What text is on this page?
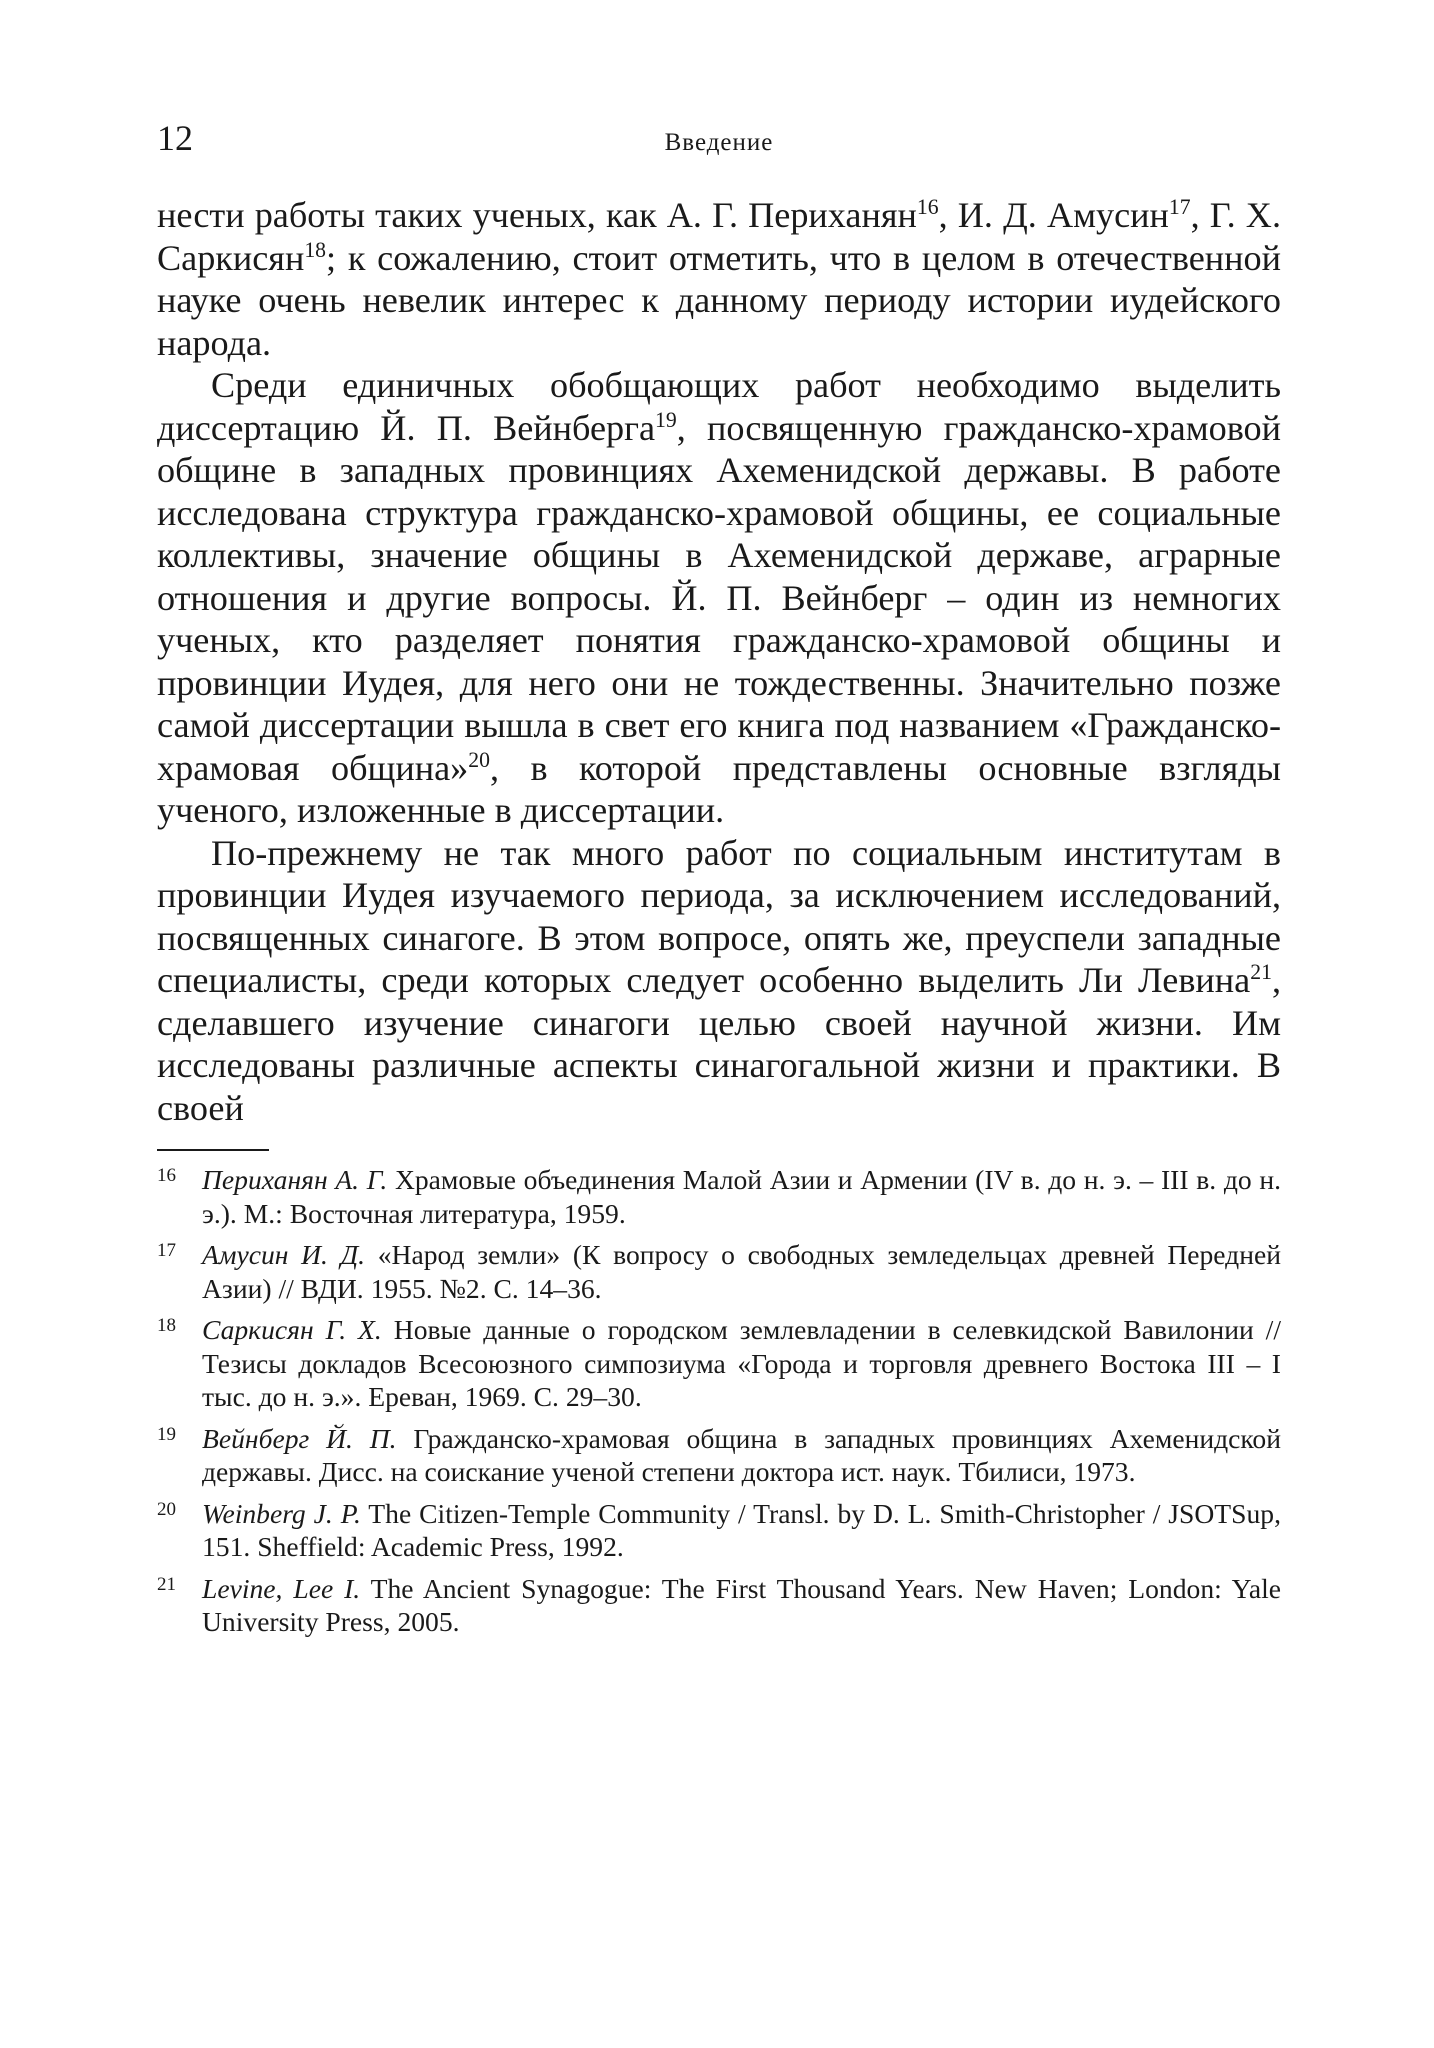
12	Введение

нести работы таких ученых, как А. Г. Периханян$^{16}$, И. Д. Амусин$^{17}$, Г. Х. Саркисян$^{18}$; к сожалению, стоит отметить, что в целом в отечественной науке очень невелик интерес к данному периоду истории иудейского народа.

Среди единичных обобщающих работ необходимо выделить диссертацию Й. П. Вейнберга$^{19}$, посвященную гражданско-храмовой общине в западных провинциях Ахеменидской державы. В работе исследована структура гражданско-храмовой общины, ее социальные коллективы, значение общины в Ахеменидской державе, аграрные отношения и другие вопросы. Й. П. Вейнберг – один из немногих ученых, кто разделяет понятия гражданско-храмовой общины и провинции Иудея, для него они не тождественны. Значительно позже самой диссертации вышла в свет его книга под названием «Гражданско-храмовая община»$^{20}$, в которой представлены основные взгляды ученого, изложенные в диссертации.

По-прежнему не так много работ по социальным институтам в провинции Иудея изучаемого периода, за исключением исследований, посвященных синагоге. В этом вопросе, опять же, преуспели западные специалисты, среди которых следует особенно выделить Ли Левина$^{21}$, сделавшего изучение синагоги целью своей научной жизни. Им исследованы различные аспекты синагогальной жизни и практики. В своей

16 Периханян А. Г. Храмовые объединения Малой Азии и Армении (IV в. до н. э. – III в. до н. э.). М.: Восточная литература, 1959.
17 Амусин И. Д. «Народ земли» (К вопросу о свободных земледельцах древней Передней Азии) // ВДИ. 1955. №2. С. 14–36.
18 Саркисян Г. Х. Новые данные о городском землевладении в селевкидской Вавилонии // Тезисы докладов Всесоюзного симпозиума «Города и торговля древнего Востока III – I тыс. до н. э.». Ереван, 1969. С. 29–30.
19 Вейнберг Й. П. Гражданско-храмовая община в западных провинциях Ахеменидской державы. Дисс. на соискание ученой степени доктора ист. наук. Тбилиси, 1973.
20 Weinberg J. P. The Citizen-Temple Community / Transl. by D. L. Smith-Christopher / JSOTSup, 151. Sheffield: Academic Press, 1992.
21 Levine, Lee I. The Ancient Synagogue: The First Thousand Years. New Haven; London: Yale University Press, 2005.
